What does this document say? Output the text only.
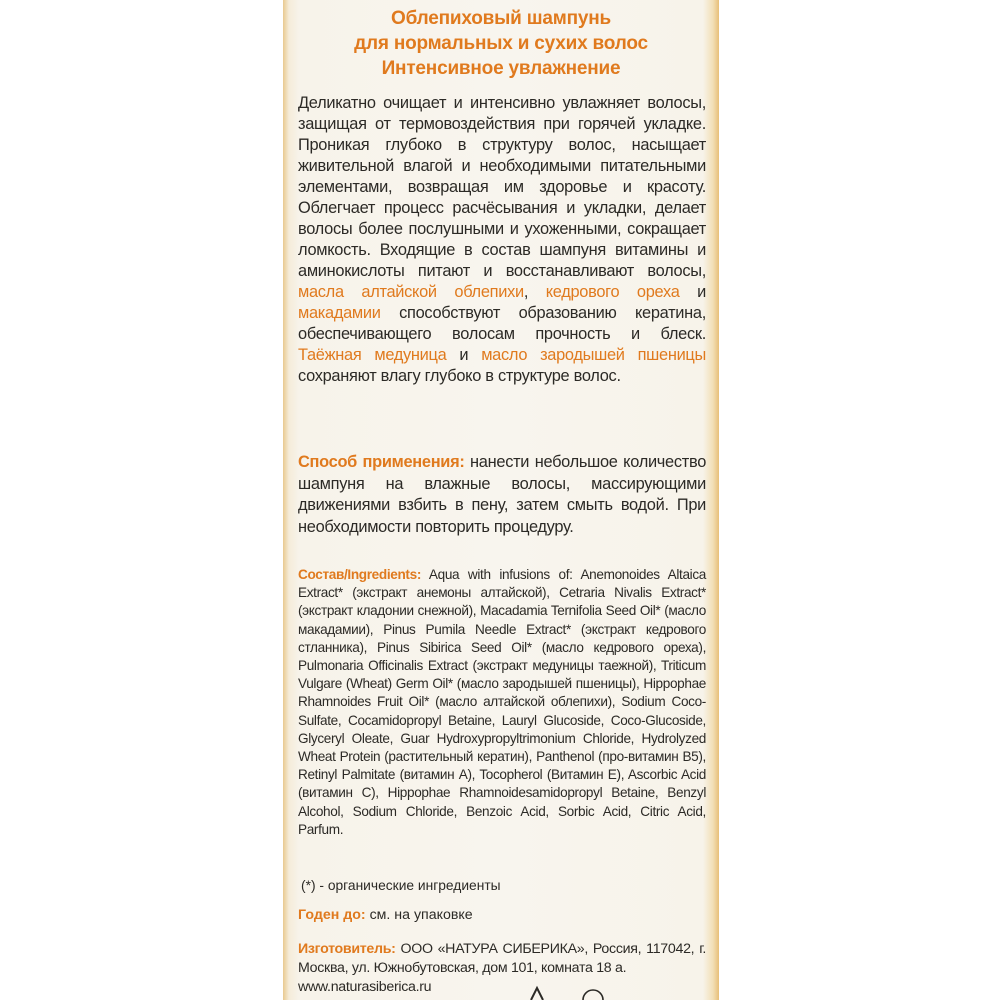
Облепиховый шампунь
для нормальных и сухих волос
Интенсивное увлажнение
Деликатно очищает и интенсивно увлажняет волосы, защищая от термовоздействия при горячей укладке. Проникая глубоко в структуру волос, насыщает живительной влагой и необходимыми питательными элементами, возвращая им здоровье и красоту. Облегчает процесс расчёсывания и укладки, делает волосы более послушными и ухоженными, сокращает ломкость. Входящие в состав шампуня витамины и аминокислоты питают и восстанавливают волосы, масла алтайской облепихи, кедрового ореха и макадамии способствуют образованию кератина, обеспечивающего волосам прочность и блеск. Таёжная медуница и масло зародышей пшеницы сохраняют влагу глубоко в структуре волос.
Способ применения: нанести небольшое количество шампуня на влажные волосы, массирующими движениями взбить в пену, затем смыть водой. При необходимости повторить процедуру.
Состав/Ingredients: Aqua with infusions of: Anemonoides Altaica Extract* (экстракт анемоны алтайской), Cetraria Nivalis Extract* (экстракт кладонии снежной), Macadamia Ternifolia Seed Oil* (масло макадамии), Pinus Pumila Needle Extract* (экстракт кедрового стланника), Pinus Sibirica Seed Oil* (масло кедрового ореха), Pulmonaria Officinalis Extract (экстракт медуницы таежной), Triticum Vulgare (Wheat) Germ Oil* (масло зародышей пшеницы), Hippophae Rhamnoides Fruit Oil* (масло алтайской облепихи), Sodium Coco-Sulfate, Cocamidopropyl Betaine, Lauryl Glucoside, Coco-Glucoside, Glyceryl Oleate, Guar Hydroxypropyltrimonium Chloride, Hydrolyzed Wheat Protein (растительный кератин), Panthenol (про-витамин B5), Retinyl Palmitate (витамин A), Tocopherol (Витамин E), Ascorbic Acid (витамин C), Hippophae Rhamnoidesamidopropyl Betaine, Benzyl Alcohol, Sodium Chloride, Benzoic Acid, Sorbic Acid, Citric Acid, Parfum.
(*) - органические ингредиенты
Годен до: см. на упаковке
Изготовитель: ООО «НАТУРА СИБЕРИКА», Россия, 117042, г. Москва, ул. Южнобутовская, дом 101, комната 18 а.
www.naturasiberica.ru
